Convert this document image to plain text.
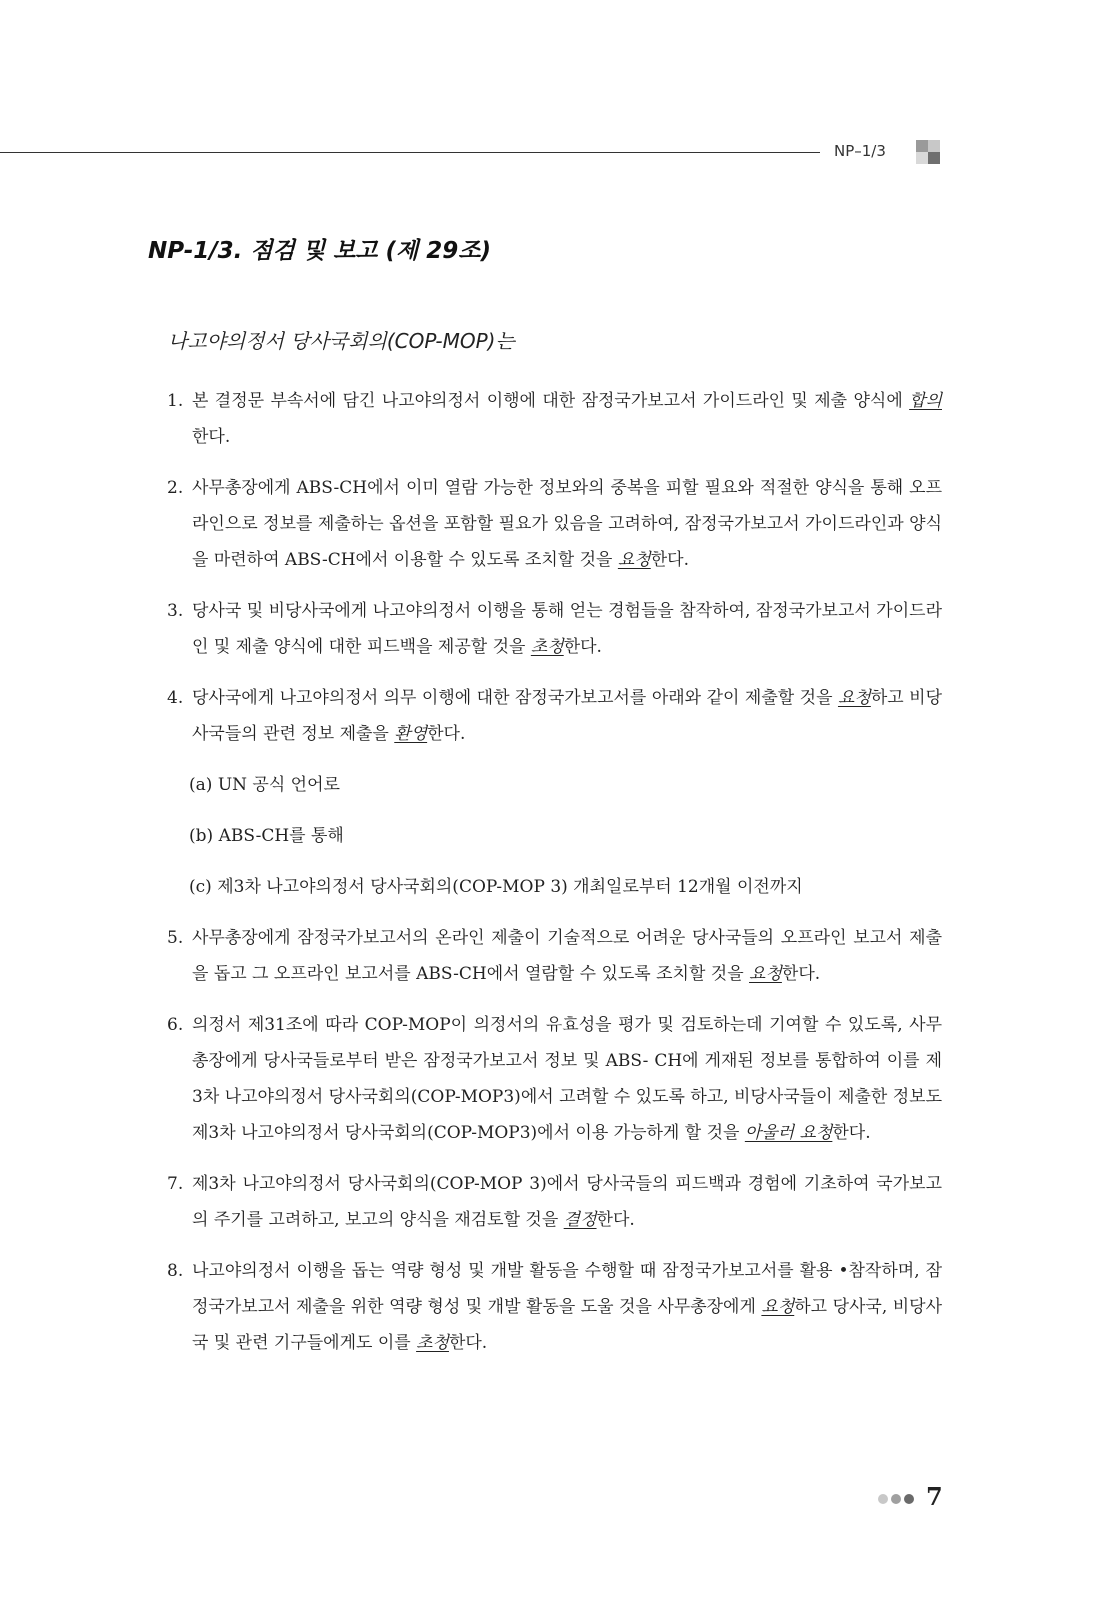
NP–1/3
NP-1/3. 점검 및 보고 (제 29조)
나고야의정서 당사국회의(COP-MOP)는
1. 본 결정문 부속서에 담긴 나고야의정서 이행에 대한 잠정국가보고서 가이드라인 및 제출 양식에 합의한다.
2. 사무총장에게 ABS-CH에서 이미 열람 가능한 정보와의 중복을 피할 필요와 적절한 양식을 통해 오프라인으로 정보를 제출하는 옵션을 포함할 필요가 있음을 고려하여, 잠정국가보고서 가이드라인과 양식을 마련하여 ABS-CH에서 이용할 수 있도록 조치할 것을 요청한다.
3. 당사국 및 비당사국에게 나고야의정서 이행을 통해 얻는 경험들을 참작하여, 잠정국가보고서 가이드라인 및 제출 양식에 대한 피드백을 제공할 것을 초청한다.
4. 당사국에게 나고야의정서 의무 이행에 대한 잠정국가보고서를 아래와 같이 제출할 것을 요청하고 비당사국들의 관련 정보 제출을 환영한다.
(a) UN 공식 언어로
(b) ABS-CH를 통해
(c) 제3차 나고야의정서 당사국회의(COP-MOP 3) 개최일로부터 12개월 이전까지
5. 사무총장에게 잠정국가보고서의 온라인 제출이 기술적으로 어려운 당사국들의 오프라인 보고서 제출을 돕고 그 오프라인 보고서를 ABS-CH에서 열람할 수 있도록 조치할 것을 요청한다.
6. 의정서 제31조에 따라 COP-MOP이 의정서의 유효성을 평가 및 검토하는데 기여할 수 있도록, 사무총장에게 당사국들로부터 받은 잠정국가보고서 정보 및 ABS- CH에 게재된 정보를 통합하여 이를 제3차 나고야의정서 당사국회의(COP-MOP3)에서 고려할 수 있도록 하고, 비당사국들이 제출한 정보도 제3차 나고야의정서 당사국회의(COP-MOP3)에서 이용 가능하게 할 것을 아울러 요청한다.
7. 제3차 나고야의정서 당사국회의(COP-MOP 3)에서 당사국들의 피드백과 경험에 기초하여 국가보고의 주기를 고려하고, 보고의 양식을 재검토할 것을 결정한다.
8. 나고야의정서 이행을 돕는 역량 형성 및 개발 활동을 수행할 때 잠정국가보고서를 활용 •참작하며, 잠정국가보고서 제출을 위한 역량 형성 및 개발 활동을 도울 것을 사무총장에게 요청하고 당사국, 비당사국 및 관련 기구들에게도 이를 초청한다.
7
